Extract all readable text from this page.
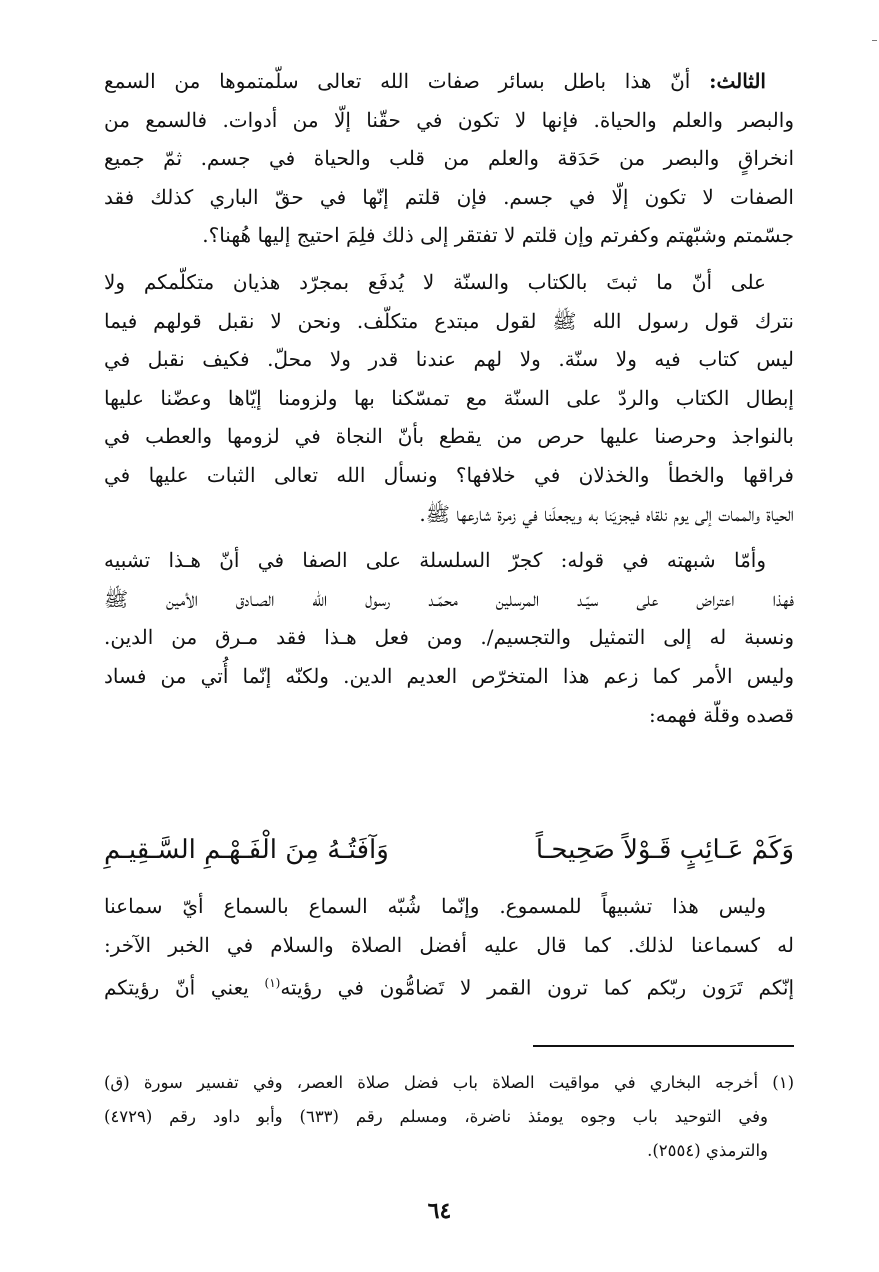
الثالث: أنّ هذا باطل بسائر صفات الله تعالى سلّمتموها من السمع
والبصر والعلم والحياة. فإنها لا تكون في حقّنا إلّا من أدوات. فالسمع من
انخراقٍ والبصر من حَدَقة والعلم من قلب والحياة في جسم. ثمّ جميع
الصفات لا تكون إلّا في جسم. فإن قلتم إنّها في حقّ الباري كذلك فقد
جسّمتم وشبّهتم وكفرتم وإن قلتم لا تفتقر إلى ذلك فلِمَ احتيج إليها هُهنا؟.
على أنّ ما ثبتَ بالكتاب والسنّة لا يُدفَع بمجرّد هذيان متكلّمكم ولا
نترك قول رسول الله ﷺ لقول مبتدع متكلّف. ونحن لا نقبل قولهم فيما
ليس كتاب فيه ولا سنّة. ولا لهم عندنا قدر ولا محلّ. فكيف نقبل في
إبطال الكتاب والردّ على السنّة مع تمسّكنا بها ولزومنا إيّاها وعضّنا عليها
بالنواجذ وحرصنا عليها حرص من يقطع بأنّ النجاة في لزومها والعطب في
فراقها والخطأ والخذلان في خلافها؟ ونسأل الله تعالى الثبات عليها في
الحياة والممات إلى يوم نلقاه فيجزيَنا به ويجعلَنا في زمرة شارعها ﷺ.
وأمّا شبهته في قوله: كجرّ السلسلة على الصفا في أنّ هـذا تشبيه
فهذا اعتراض على سيّـد المرسلين محمّـد رسول الله الصـادق الأمين ﷺ
ونسبة له إلى التمثيل والتجسيم/. ومن فعل هـذا فقد مـرق من الدين.
وليس الأمر كما زعم هذا المتخرّص العديم الدين. ولكنّه إنّما أُتي من فساد
قصده وقلّة فهمه:
وَكَمْ عَـائِبٍ قَـوْلاً صَحِيحـاً
وَآفَتُـهُ مِنَ الْفَـهْـمِ السَّـقِيـمِ
وليس هذا تشبيهاً للمسموع. وإنّما شُبّه السماع بالسماع أيّ سماعنا
له كسماعنا لذلك. كما قال عليه أفضل الصلاة والسلام في الخبر الآخر:
إنّكم تَرَون ربّكم كما ترون القمر لا تَضامُّون في رؤيته$^{(١)}$ يعني أنّ رؤيتكم
(١) أخرجه البخاري في مواقيت الصلاة باب فضل صلاة العصر، وفي تفسير سورة (ق)
وفي التوحيد باب وجوه يومئذ ناضرة، ومسلم رقم (٦٣٣) وأبو داود رقم (٤٧٢٩)
والترمذي (٢٥٥٤).
٦٤
